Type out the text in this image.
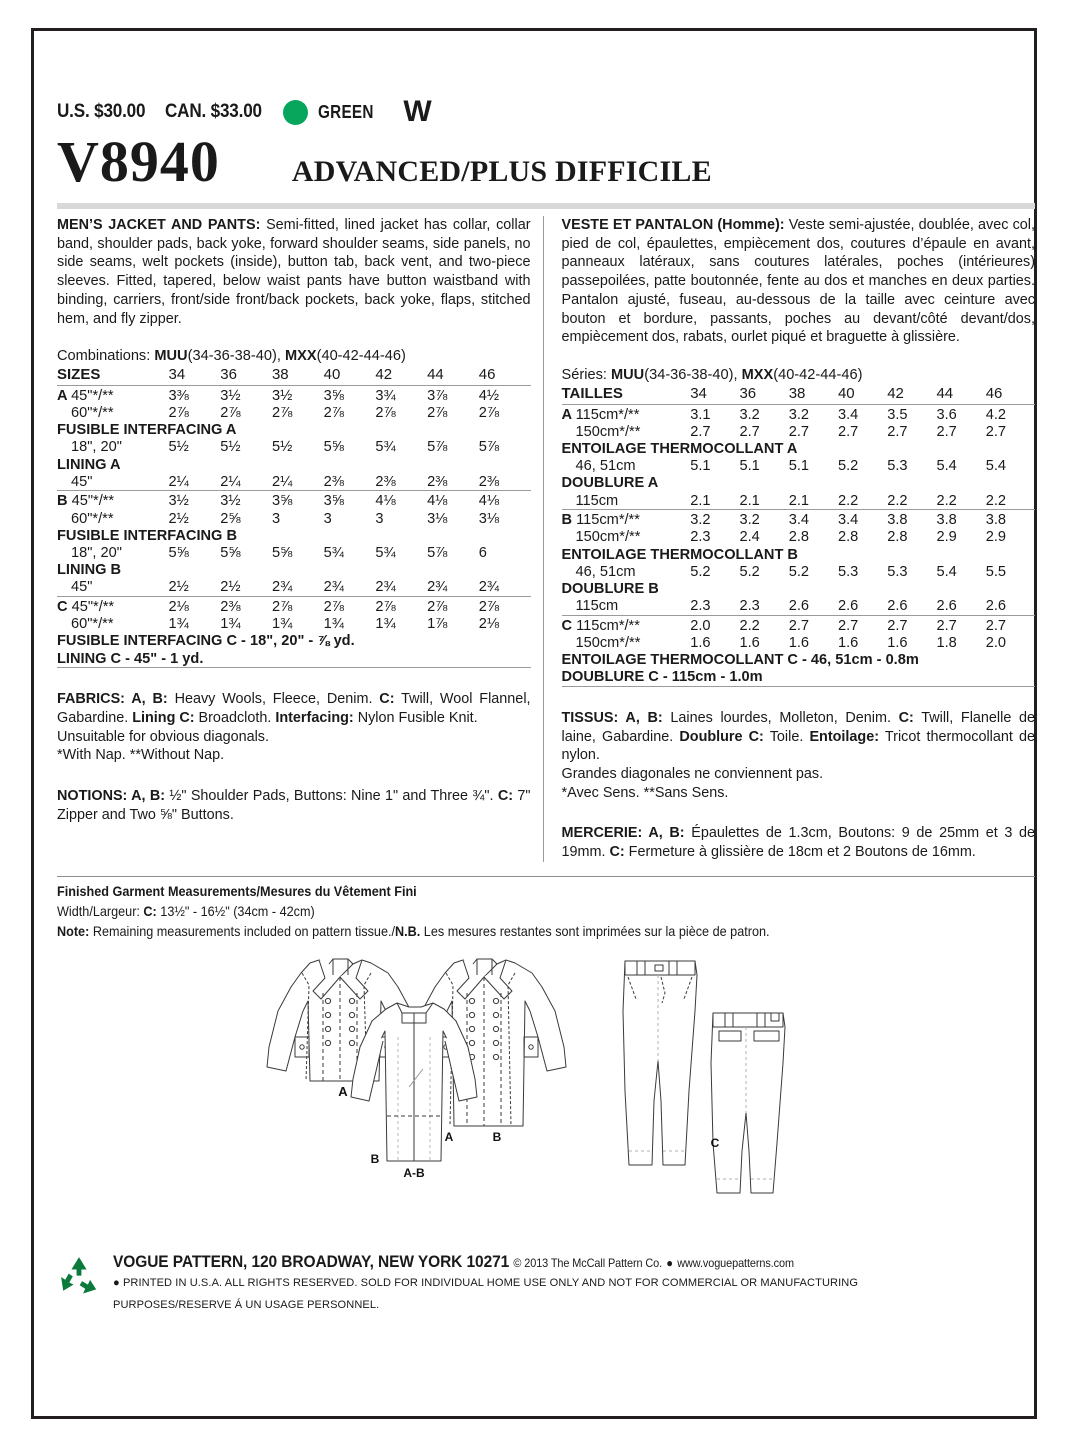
U.S. $30.00 CAN. $33.00	GREEN W
V8940 ADVANCED/PLUS DIFFICILE
MEN’S JACKET AND PANTS: Semi-fitted, lined jacket has collar, collar band, shoulder pads, back yoke, forward shoulder seams, side panels, no side seams, welt pockets (inside), button tab, back vent, and two-piece sleeves. Fitted, tapered, below waist pants have button waistband with binding, carriers, front/side front/back pockets, back yoke, flaps, stitched hem, and fly zipper.
Combinations: MUU(34-36-38-40), MXX(40-42-44-46)
SIZES	34	36	38	40	42	44	46
A 45"*/**	3⅜	3½	3½	3⅝	3¾	3⅞	4½
60"*/**	2⅞	2⅞	2⅞	2⅞	2⅞	2⅞	2⅞
FUSIBLE INTERFACING A							
18", 20"	5½	5½	5½	5⅝	5¾	5⅞	5⅞
LINING A							
45"	2¼	2¼	2¼	2⅜	2⅜	2⅜	2⅜
B 45"*/**	3½	3½	3⅝	3⅝	4⅛	4⅛	4⅛
60"*/**	2½	2⅝	3	3	3	3⅛	3⅛
FUSIBLE INTERFACING B							
18", 20"	5⅝	5⅝	5⅝	5¾	5¾	5⅞	6
LINING B							
45"	2½	2½	2¾	2¾	2¾	2¾	2¾
C 45"*/**	2⅛	2⅜	2⅞	2⅞	2⅞	2⅞	2⅞
60"*/**	1¾	1¾	1¾	1¾	1¾	1⅞	2⅛
FUSIBLE INTERFACING C - 18", 20" - ⅞ yd.							
LINING C - 45" - 1 yd.							
FABRICS: A, B: Heavy Wools, Fleece, Denim. C: Twill, Wool Flannel, Gabardine. Lining C: Broadcloth. Interfacing: Nylon Fusible Knit.
Unsuitable for obvious diagonals.
*With Nap. **Without Nap.
NOTIONS: A, B: ½" Shoulder Pads, Buttons: Nine 1" and Three ¾". C: 7" Zipper and Two ⅝" Buttons.
VESTE ET PANTALON (Homme): Veste semi-ajustée, doublée, avec col, pied de col, épaulettes, empiècement dos, coutures d’épaule en avant, panneaux latéraux, sans coutures latérales, poches (intérieures) passepoilées, patte boutonnée, fente au dos et manches en deux parties. Pantalon ajusté, fuseau, au-dessous de la taille avec ceinture avec bouton et bordure, passants, poches au devant/côté devant/dos, empiècement dos, rabats, ourlet piqué et braguette à glissière.
Séries: MUU(34-36-38-40), MXX(40-42-44-46)
TAILLES	34	36	38	40	42	44	46
A 115cm*/**	3.1	3.2	3.2	3.4	3.5	3.6	4.2
150cm*/**	2.7	2.7	2.7	2.7	2.7	2.7	2.7
ENTOILAGE THERMOCOLLANT A							
46, 51cm	5.1	5.1	5.1	5.2	5.3	5.4	5.4
DOUBLURE A							
115cm	2.1	2.1	2.1	2.2	2.2	2.2	2.2
B 115cm*/**	3.2	3.2	3.4	3.4	3.8	3.8	3.8
150cm*/**	2.3	2.4	2.8	2.8	2.8	2.9	2.9
ENTOILAGE THERMOCOLLANT B							
46, 51cm	5.2	5.2	5.2	5.3	5.3	5.4	5.5
DOUBLURE B							
115cm	2.3	2.3	2.6	2.6	2.6	2.6	2.6
C 115cm*/**	2.0	2.2	2.7	2.7	2.7	2.7	2.7
150cm*/**	1.6	1.6	1.6	1.6	1.6	1.8	2.0
ENTOILAGE THERMOCOLLANT C - 46, 51cm - 0.8m							
DOUBLURE C - 115cm - 1.0m							
TISSUS: A, B: Laines lourdes, Molleton, Denim. C: Twill, Flanelle de laine, Gabardine. Doublure C: Toile. Entoilage: Tricot thermocollant de nylon.
Grandes diagonales ne conviennent pas.
*Avec Sens. **Sans Sens.
MERCERIE: A, B: Épaulettes de 1.3cm, Boutons: 9 de 25mm et 3 de 19mm. C: Fermeture à glissière de 18cm et 2 Boutons de 16mm.
Finished Garment Measurements/Mesures du Vêtement Fini
Width/Largeur: C: 13½" - 16½" (34cm - 42cm)
Note: Remaining measurements included on pattern tissue./N.B. Les mesures restantes sont imprimées sur la pièce de patron.
A
B
A
A-B
B
C
VOGUE PATTERN, 120 BROADWAY, NEW YORK 10271 © 2013 The McCall Pattern Co. ● www.voguepatterns.com
● PRINTED IN U.S.A. ALL RIGHTS RESERVED. SOLD FOR INDIVIDUAL HOME USE ONLY AND NOT FOR COMMERCIAL OR MANUFACTURING
PURPOSES/RESERVE Á UN USAGE PERSONNEL.
